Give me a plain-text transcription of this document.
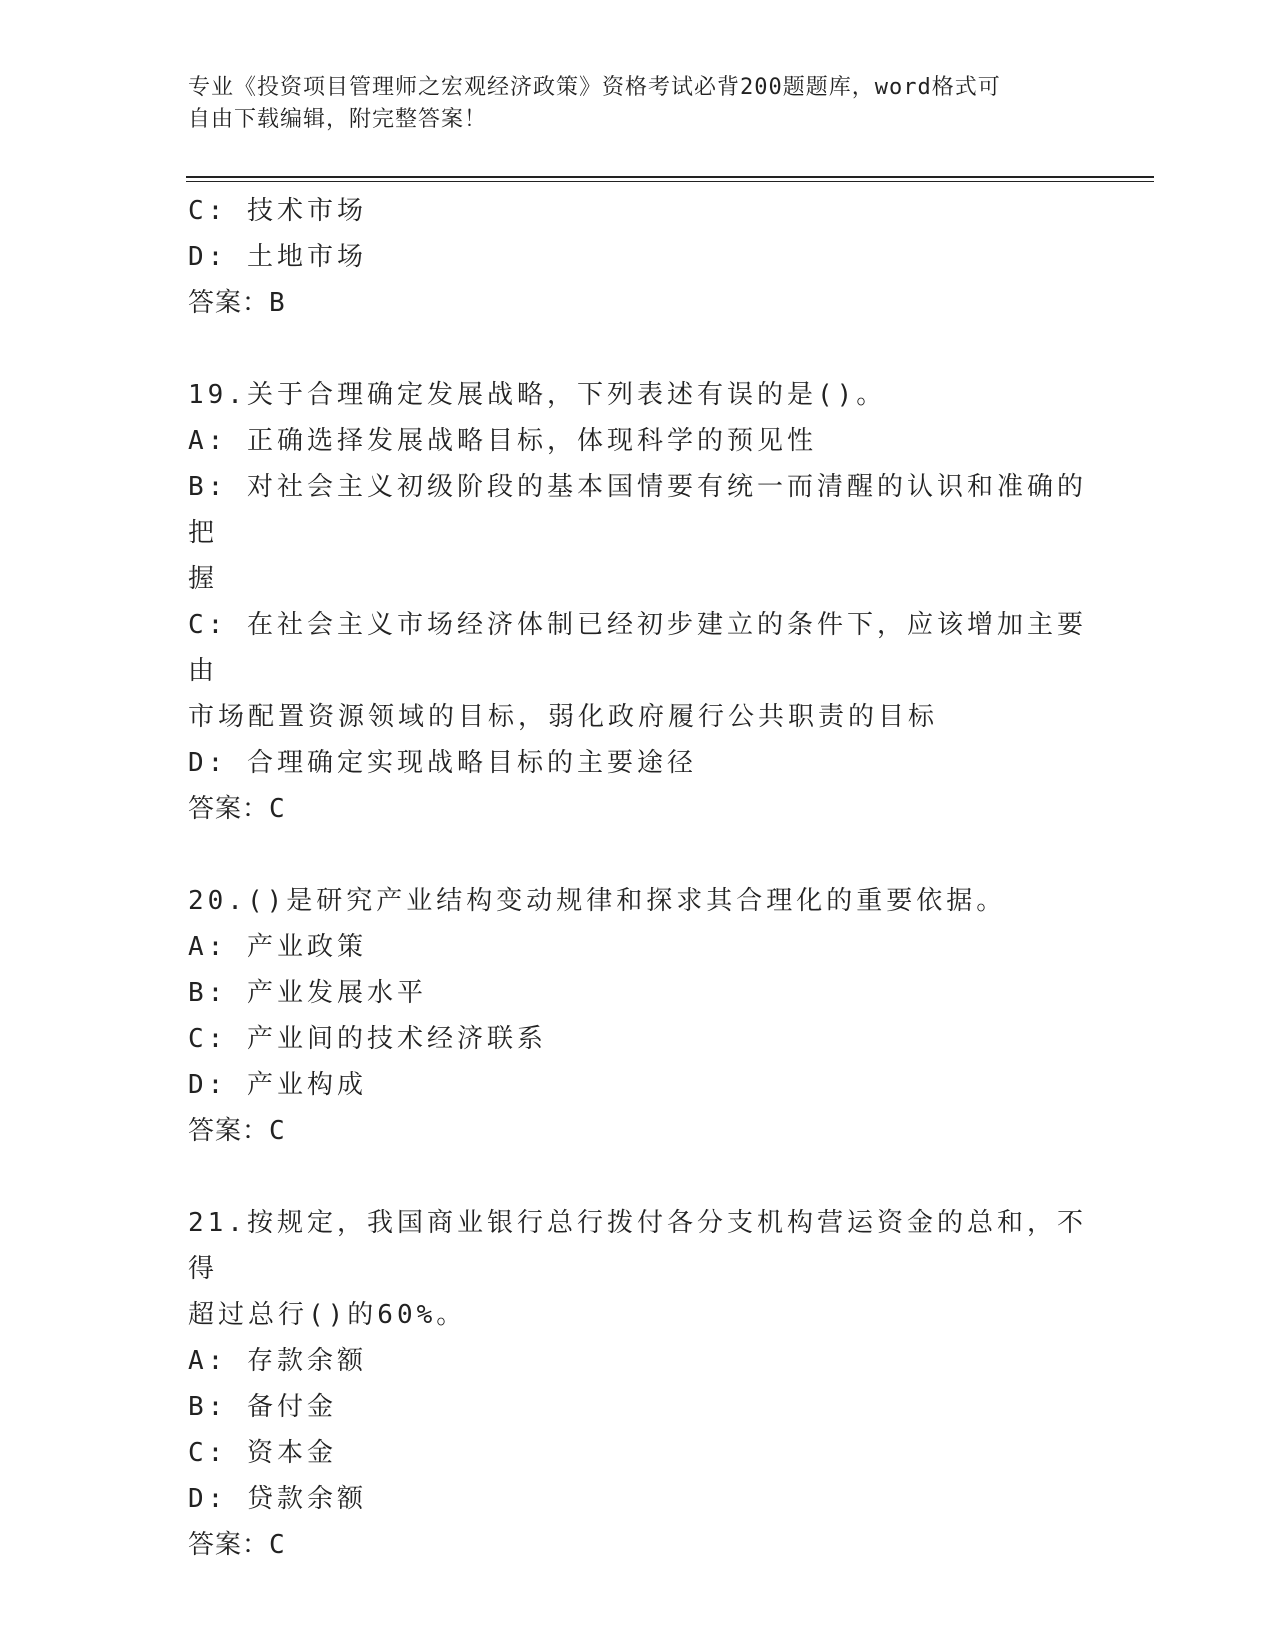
专业《投资项目管理师之宏观经济政策》资格考试必背200题题库，word格式可
自由下载编辑，附完整答案！
C: 技术市场
D: 土地市场
答案：B
19.关于合理确定发展战略，下列表述有误的是()。
A: 正确选择发展战略目标，体现科学的预见性
B: 对社会主义初级阶段的基本国情要有统一而清醒的认识和准确的把
握
C: 在社会主义市场经济体制已经初步建立的条件下，应该增加主要由
市场配置资源领域的目标，弱化政府履行公共职责的目标
D: 合理确定实现战略目标的主要途径
答案：C
20.()是研究产业结构变动规律和探求其合理化的重要依据。
A: 产业政策
B: 产业发展水平
C: 产业间的技术经济联系
D: 产业构成
答案：C
21.按规定，我国商业银行总行拨付各分支机构营运资金的总和，不得
超过总行()的60%。
A: 存款余额
B: 备付金
C: 资本金
D: 贷款余额
答案：C
